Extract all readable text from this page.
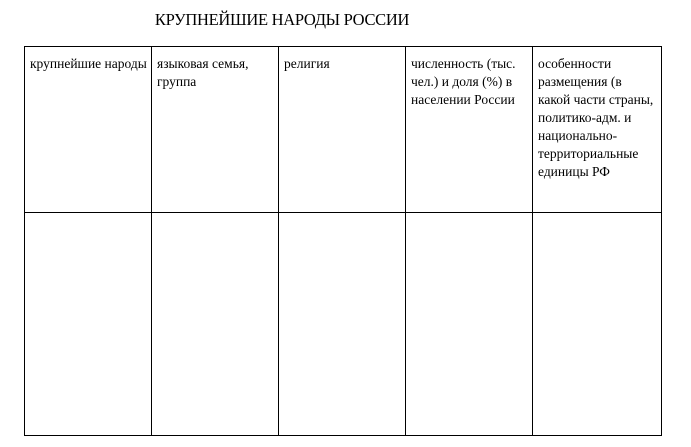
КРУПНЕЙШИЕ НАРОДЫ РОССИИ
крупнейшие народы	языковая семья, группа	религия	численность (тыс. чел.) и доля (%) в населении России	особенности размещения (в какой части страны, политико-адм. и национально-территориальные единицы РФ
